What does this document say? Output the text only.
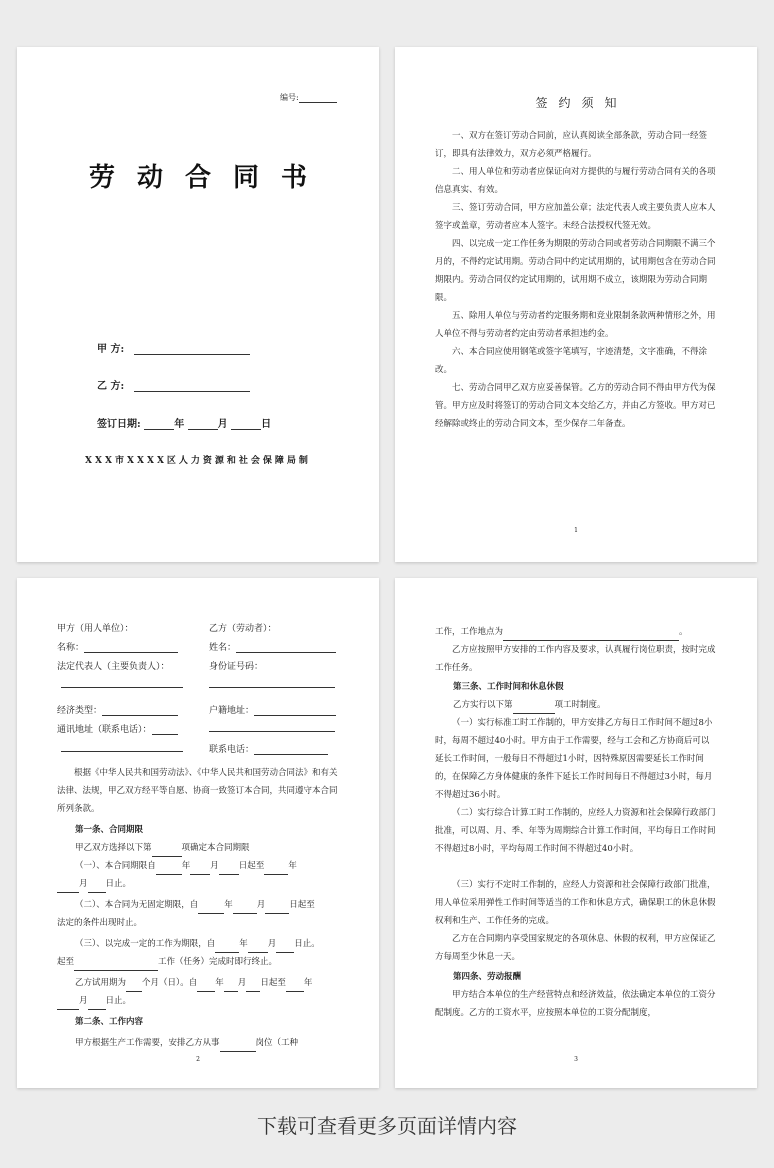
编号:
劳动合同书
甲 方:
乙 方:
签订日期:	年	月	日
XXX市XXXX区人力资源和社会保障局制
签约须知

一、双方在签订劳动合同前，应认真阅读全部条款，劳动合同一经签订，即具有法律效力，双方必须严格履行。

二、用人单位和劳动者应保证向对方提供的与履行劳动合同有关的各项信息真实、有效。

三、签订劳动合同，甲方应加盖公章；法定代表人或主要负责人应本人签字或盖章，劳动者应本人签字。未经合法授权代签无效。

四、以完成一定工作任务为期限的劳动合同或者劳动合同期限不满三个月的，不得约定试用期。劳动合同中约定试用期的，试用期包含在劳动合同期限内。劳动合同仅约定试用期的，试用期不成立，该期限为劳动合同期限。

五、除用人单位与劳动者约定服务期和竞业限制条款两种情形之外，用人单位不得与劳动者约定由劳动者承担违约金。

六、本合同应使用钢笔或签字笔填写，字迹清楚，文字准确，不得涂改。

七、劳动合同甲乙双方应妥善保管。乙方的劳动合同不得由甲方代为保管。甲方应及时将签订的劳动合同文本交给乙方，并由乙方签收。甲方对已经解除或终止的劳动合同文本，至少保存二年备查。

1
甲方（用人单位）：	乙方（劳动者）：
名称：	姓名：
法定代表人（主要负责人）：	身份证号码：
经济类型：	户籍地址：
通讯地址（联系电话）：
联系电话：

根据《中华人民共和国劳动法》、《中华人民共和国劳动合同法》和有关法律、法规，甲乙双方经平等自愿、协商一致签订本合同，共同遵守本合同所列条款。

第一条、合同期限

甲乙双方选择以下第	项确定本合同期限

（一）、本合同期限自	年 月 日起至	年

月 日止。

（二）、本合同为无固定期限，自	年	月	日起至

法定的条件出现时止。

（三）、以完成一定的工作为期限，自	年 月 日止。

起至	工作（任务）完成时即行终止。

乙方试用期为 个月（日）。自 年 月 日起至 年

月 日止。

第二条、工作内容

甲方根据生产工作需要，安排乙方从事	岗位（工种

2

工作，工作地点为	。

乙方应按照甲方安排的工作内容及要求，认真履行岗位职责，按时完成工作任务。

第三条、工作时间和休息休假

乙方实行以下第	项工时制度。

（一）实行标准工时工作制的，甲方安排乙方每日工作时间不超过8小时，每周不超过40小时。甲方由于工作需要，经与工会和乙方协商后可以延长工作时间，一般每日不得超过1小时，因特殊原因需要延长工作时间的，在保障乙方身体健康的条件下延长工作时间每日不得超过3小时，每月不得超过36小时。

（二）实行综合计算工时工作制的，应经人力资源和社会保障行政部门批准，可以周、月、季、年等为周期综合计算工作时间，平均每日工作时间不得超过8小时，平均每周工作时间不得超过40小时。

（三）实行不定时工作制的，应经人力资源和社会保障行政部门批准，用人单位采用弹性工作时间等适当的工作和休息方式，确保职工的休息休假权利和生产、工作任务的完成。

乙方在合同期内享受国家规定的各项休息、休假的权利，甲方应保证乙方每周至少休息一天。

第四条、劳动报酬

甲方结合本单位的生产经营特点和经济效益，依法确定本单位的工资分配制度。乙方的工资水平，应按照本单位的工资分配制度，

3
下载可查看更多页面详情内容
